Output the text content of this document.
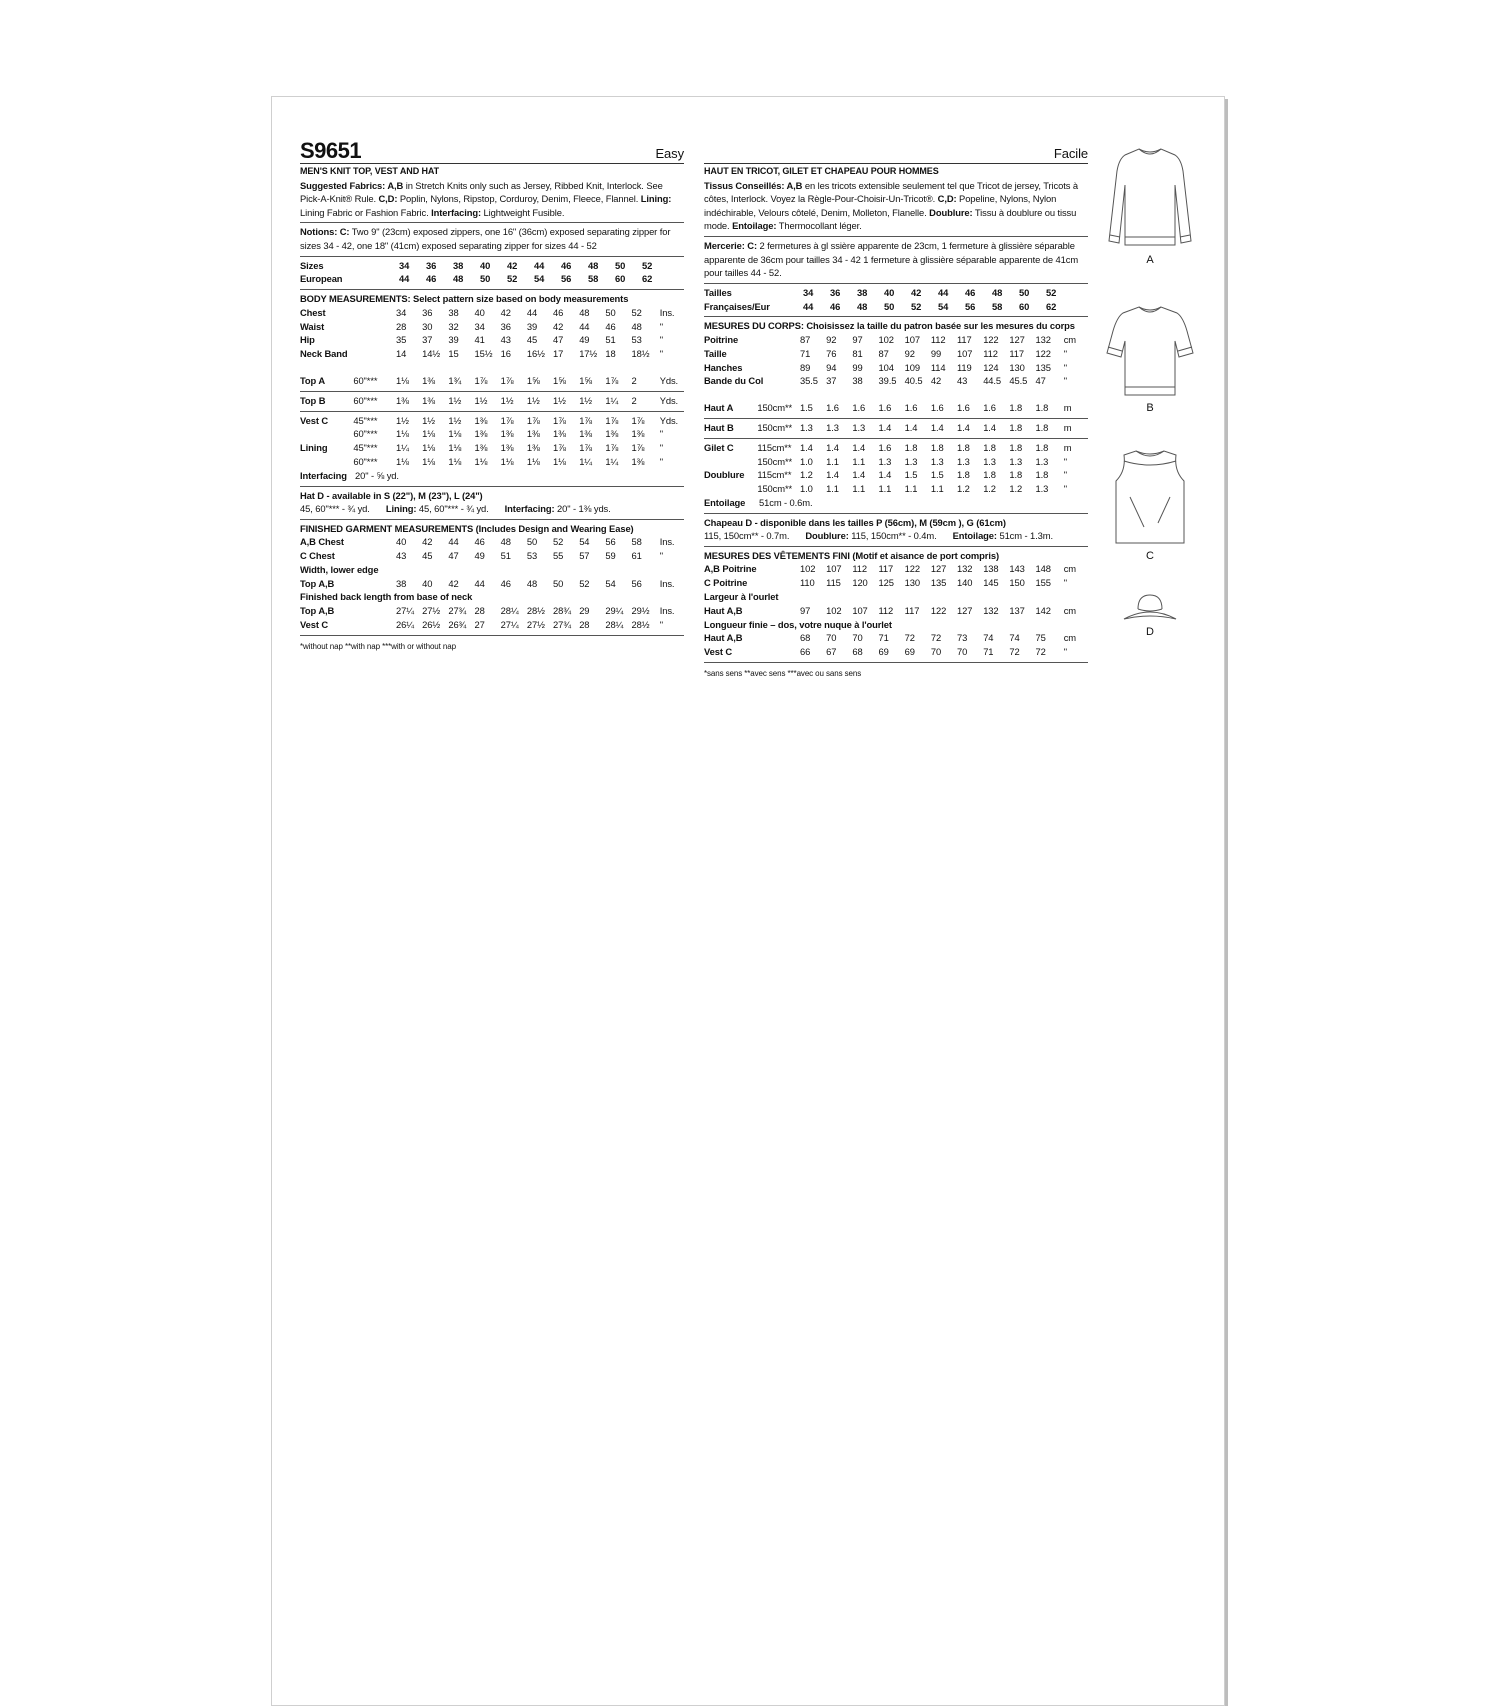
S9651	Easy
MEN'S KNIT TOP, VEST AND HAT

Suggested Fabrics: A,B in Stretch Knits only such as Jersey, Ribbed Knit, Interlock. See Pick-A-Knit® Rule. C,D: Poplin, Nylons, Ripstop, Corduroy, Denim, Fleece, Flannel. Lining: Lining Fabric or Fashion Fabric. Interfacing: Lightweight Fusible.

Notions: C: Two 9" (23cm) exposed zippers, one 16" (36cm) exposed separating zipper for sizes 34 - 42, one 18" (41cm) exposed separating zipper for sizes 44 - 52

Sizes	34	36	38	40	42	44	46	48	50	52
European	44	46	48	50	52	54	56	58	60	62
BODY MEASUREMENTS: Select pattern size based on body measurements
Chest	34	36	38	40	42	44	46	48	50	52	Ins.
Waist	28	30	32	34	36	39	42	44	46	48	"
Hip	35	37	39	41	43	45	47	49	51	53	"
Neck Band	14	14½ 15	15½ 16	16½ 17	17½ 18	18½	"
Top A	60"***	1⅛	1⅜	1¾	1⅞	1⅞	1⅝	1⅝	1⅝	1⅞	2	Yds.
Top B	60"***	1⅜	1⅜	1½	1½	1½	1½	1½	1½	1¼	2	Yds.
Vest C	45"***	1½	1½	1½	1⅜	1⅞	1⅞	1⅞	1⅞	1⅞	1⅞	Yds.
60"***	1⅛	1⅛	1⅛	1⅜	1⅜	1⅜	1⅜	1⅜	1⅜	1⅜	"
Lining	45"***	1¼	1⅛	1⅛	1⅜	1⅜	1⅜	1⅞	1⅞	1⅞	1⅞	"
60"***	1⅛	1⅛	1⅛	1⅛	1⅛	1⅛	1⅛	1¼	1¼	1⅜	"
Interfacing 20" - ⅝ yd.
Hat D - available in S (22"), M (23"), L (24")
45, 60"*** - ¾ yd. Lining: 45, 60"*** - ¾ yd. Interfacing: 20" - 1⅜ yds.
FINISHED GARMENT MEASUREMENTS (Includes Design and Wearing Ease)
A,B Chest	40	42	44	46	48	50	52	54	56	58	Ins.
C Chest	43	45	47	49	51	53	55	57	59	61	"
Width, lower edge
Top A,B	38	40	42	44	46	48	50	52	54	56	Ins.
Finished back length from base of neck
Top A,B	27¼ 27½ 27¾ 28	28¼ 28½ 28¾ 29	29¼ 29½	Ins.
Vest C	26¼ 26½ 26¾ 27	27¼ 27½ 27¾ 28	28¼ 28½	"
*without nap **with nap ***with or without nap
Facile
HAUT EN TRICOT, GILET ET CHAPEAU POUR HOMMES

Tissus Conseillés: A,B en les tricots extensible seulement tel que Tricot de jersey, Tricots à côtes, Interlock. Voyez la Règle-Pour-Choisir-Un-Tricot®. C,D: Popeline, Nylons, Nylon indéchirable, Velours côtelé, Denim, Molleton, Flanelle. Doublure: Tissu à doublure ou tissu mode. Entoilage: Thermocollant léger.

Mercerie: C: 2 fermetures à gl ssière apparente de 23cm, 1 fermeture à glissière séparable apparente de 36cm pour tailles 34 - 42 1 fermeture à glissière séparable apparente de 41cm pour tailles 44 - 52.

Tailles	34	36	38	40	42	44	46	48	50	52
Françaises/Eur	44	46	48	50	52	54	56	58	60	62
MESURES DU CORPS: Choisissez la taille du patron basée sur les mesures du corps
Poitrine	87	92	97	102	107	112	117	122	127	132	cm
Taille	71	76	81	87	92	99	107	112	117	122	"
Hanches	89	94	99	104	109	114	119	124	130	135	"
Bande du Col	35.5 37	38	39.5 40.5 42	43	44.5 45.5 47	"
Haut A	150cm** 1.5	1.6	1.6	1.6	1.6	1.6	1.6	1.6	1.8	1.8	m
Haut B	150cm** 1.3	1.3	1.3	1.4	1.4	1.4	1.4	1.4	1.8	1.8	m
Gilet C	115cm** 1.4	1.4	1.4	1.6	1.8	1.8	1.8	1.8	1.8	1.8	m
150cm** 1.0	1.1	1.1	1.3	1.3	1.3	1.3	1.3	1.3	1.3	"
Doublure	115cm** 1.2	1.4	1.4	1.4	1.5	1.5	1.8	1.8	1.8	1.8	"
150cm** 1.0	1.1	1.1	1.1	1.1	1.1	1.2	1.2	1.2	1.3	"
Entoilage	51cm - 0.6m.
Chapeau D - disponible dans les tailles P (56cm), M (59cm ), G (61cm)
115, 150cm** - 0.7m. Doublure: 115, 150cm** - 0.4m. Entoilage: 51cm - 1.3m.
MESURES DES VÊTEMENTS FINI (Motif et aisance de port compris)
A,B Poitrine	102	107	112	117	122	127	132	138	143	148	cm
C Poitrine	110	115	120	125	130	135	140	145	150	155	"
Largeur à l'ourlet
Haut A,B	97	102	107	112	117	122	127	132	137	142	cm
Longueur finie – dos, votre nuque à l'ourlet
Haut A,B	68	70	70	71	72	72	73	74	74	75	cm
Vest C	66	67	68	69	69	70	70	71	72	72	"
*sans sens **avec sens ***avec ou sans sens
A
B
C
D
